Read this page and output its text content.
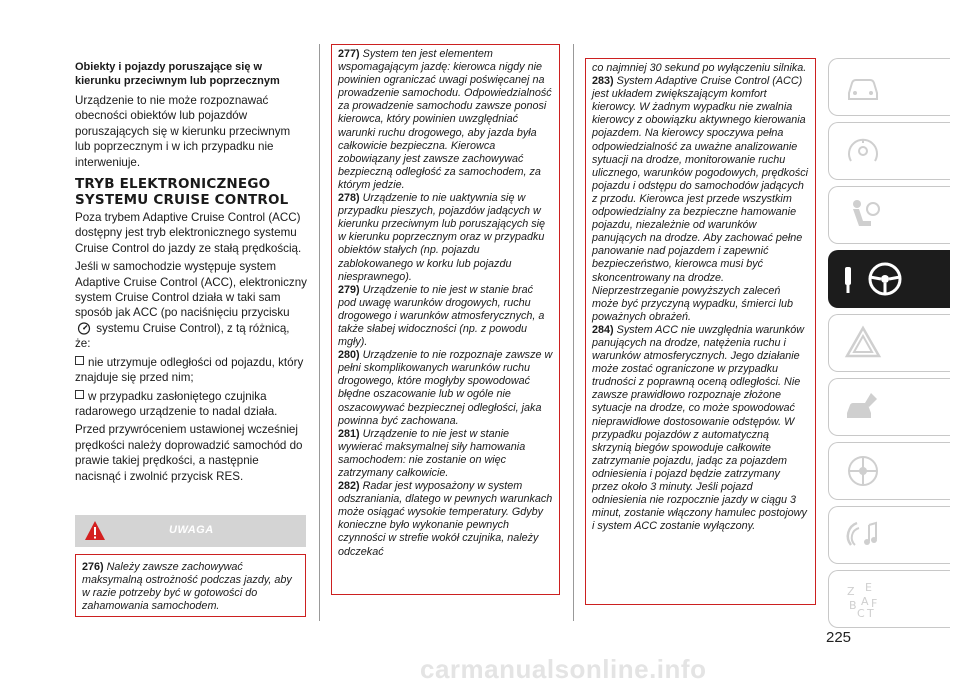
Obiekty i pojazdy poruszające się w kierunku przeciwnym lub poprzecznym

Urządzenie to nie może rozpoznawać obecności obiektów lub pojazdów poruszających się w kierunku przeciwnym lub poprzecznym i w ich przypadku nie interweniuje.

TRYB ELEKTRONICZNEGO SYSTEMU CRUISE CONTROL

Poza trybem Adaptive Cruise Control (ACC) dostępny jest tryb elektronicznego systemu Cruise Control do jazdy ze stałą prędkością.

Jeśli w samochodzie występuje system Adaptive Cruise Control (ACC), elektroniczny system Cruise Control działa w taki sam sposób jak ACC (po naciśnięciu przycisku  systemu Cruise Control), z tą różnicą, że:

nie utrzymuje odległości od pojazdu, który znajduje się przed nim;

w przypadku zasłoniętego czujnika radarowego urządzenie to nadal działa.

Przed przywróceniem ustawionej wcześniej prędkości należy doprowadzić samochód do prawie takiej prędkości, a następnie nacisnąć i zwolnić przycisk RES.

UWAGA

276) Należy zawsze zachowywać maksymalną ostrożność podczas jazdy, aby w razie potrzeby być w gotowości do zahamowania samochodem.

277) System ten jest elementem wspomagającym jazdę: kierowca nigdy nie powinien ograniczać uwagi poświęcanej na prowadzenie samochodu. Odpowiedzialność za prowadzenie samochodu zawsze ponosi kierowca, który powinien uwzględniać warunki ruchu drogowego, aby jazda była całkowicie bezpieczna. Kierowca zobowiązany jest zawsze zachowywać bezpieczną odległość za samochodem, za którym jedzie.

278) Urządzenie to nie uaktywnia się w przypadku pieszych, pojazdów jadących w kierunku przeciwnym lub poruszających się w kierunku poprzecznym oraz w przypadku obiektów stałych (np. pojazdu zablokowanego w korku lub pojazdu niesprawnego).

279) Urządzenie to nie jest w stanie brać pod uwagę warunków drogowych, ruchu drogowego i warunków atmosferycznych, a także słabej widoczności (np. z powodu mgły).

280) Urządzenie to nie rozpoznaje zawsze w pełni skomplikowanych warunków ruchu drogowego, które mogłyby spowodować błędne oszacowanie lub w ogóle nie oszacowywać bezpiecznej odległości, jaka powinna być zachowana.

281) Urządzenie to nie jest w stanie wywierać maksymalnej siły hamowania samochodem: nie zostanie on więc zatrzymany całkowicie.

282) Radar jest wyposażony w system odszraniania, dlatego w pewnych warunkach może osiągać wysokie temperatury. Gdyby konieczne było wykonanie pewnych czynności w strefie wokół czujnika, należy odczekać

co najmniej 30 sekund po wyłączeniu silnika.

283) System Adaptive Cruise Control (ACC) jest układem zwiększającym komfort kierowcy. W żadnym wypadku nie zwalnia kierowcy z obowiązku aktywnego kierowania pojazdem. Na kierowcy spoczywa pełna odpowiedzialność za uważne analizowanie sytuacji na drodze, monitorowanie ruchu ulicznego, warunków pogodowych, prędkości pojazdu i odstępu do samochodów jadących z przodu. Kierowca jest przede wszystkim odpowiedzialny za bezpieczne hamowanie pojazdu, niezależnie od warunków panujących na drodze. Aby zachować pełne panowanie nad pojazdem i zapewnić bezpieczeństwo, kierowca musi być skoncentrowany na drodze. Nieprzestrzeganie powyższych zaleceń może być przyczyną wypadku, śmierci lub poważnych obrażeń.

284) System ACC nie uwzględnia warunków panujących na drodze, natężenia ruchu i warunków atmosferycznych. Jego działanie może zostać ograniczone w przypadku trudności z poprawną oceną odległości. Nie zawsze prawidłowo rozpoznaje złożone sytuacje na drodze, co może spowodować nieprawidłowe dostosowanie odstępów. W przypadku pojazdów z automatyczną skrzynią biegów spowoduje całkowite zatrzymanie pojazdu, jadąc za pojazdem odniesienia i pojazd będzie zatrzymany przez około 3 minuty. Jeśli pojazd odniesienia nie rozpocznie jazdy w ciągu 3 minut, zostanie włączony hamulec postojowy i system ACC zostanie wyłączony.

Z E
B A F
C T
225
carmanualsonline.info
